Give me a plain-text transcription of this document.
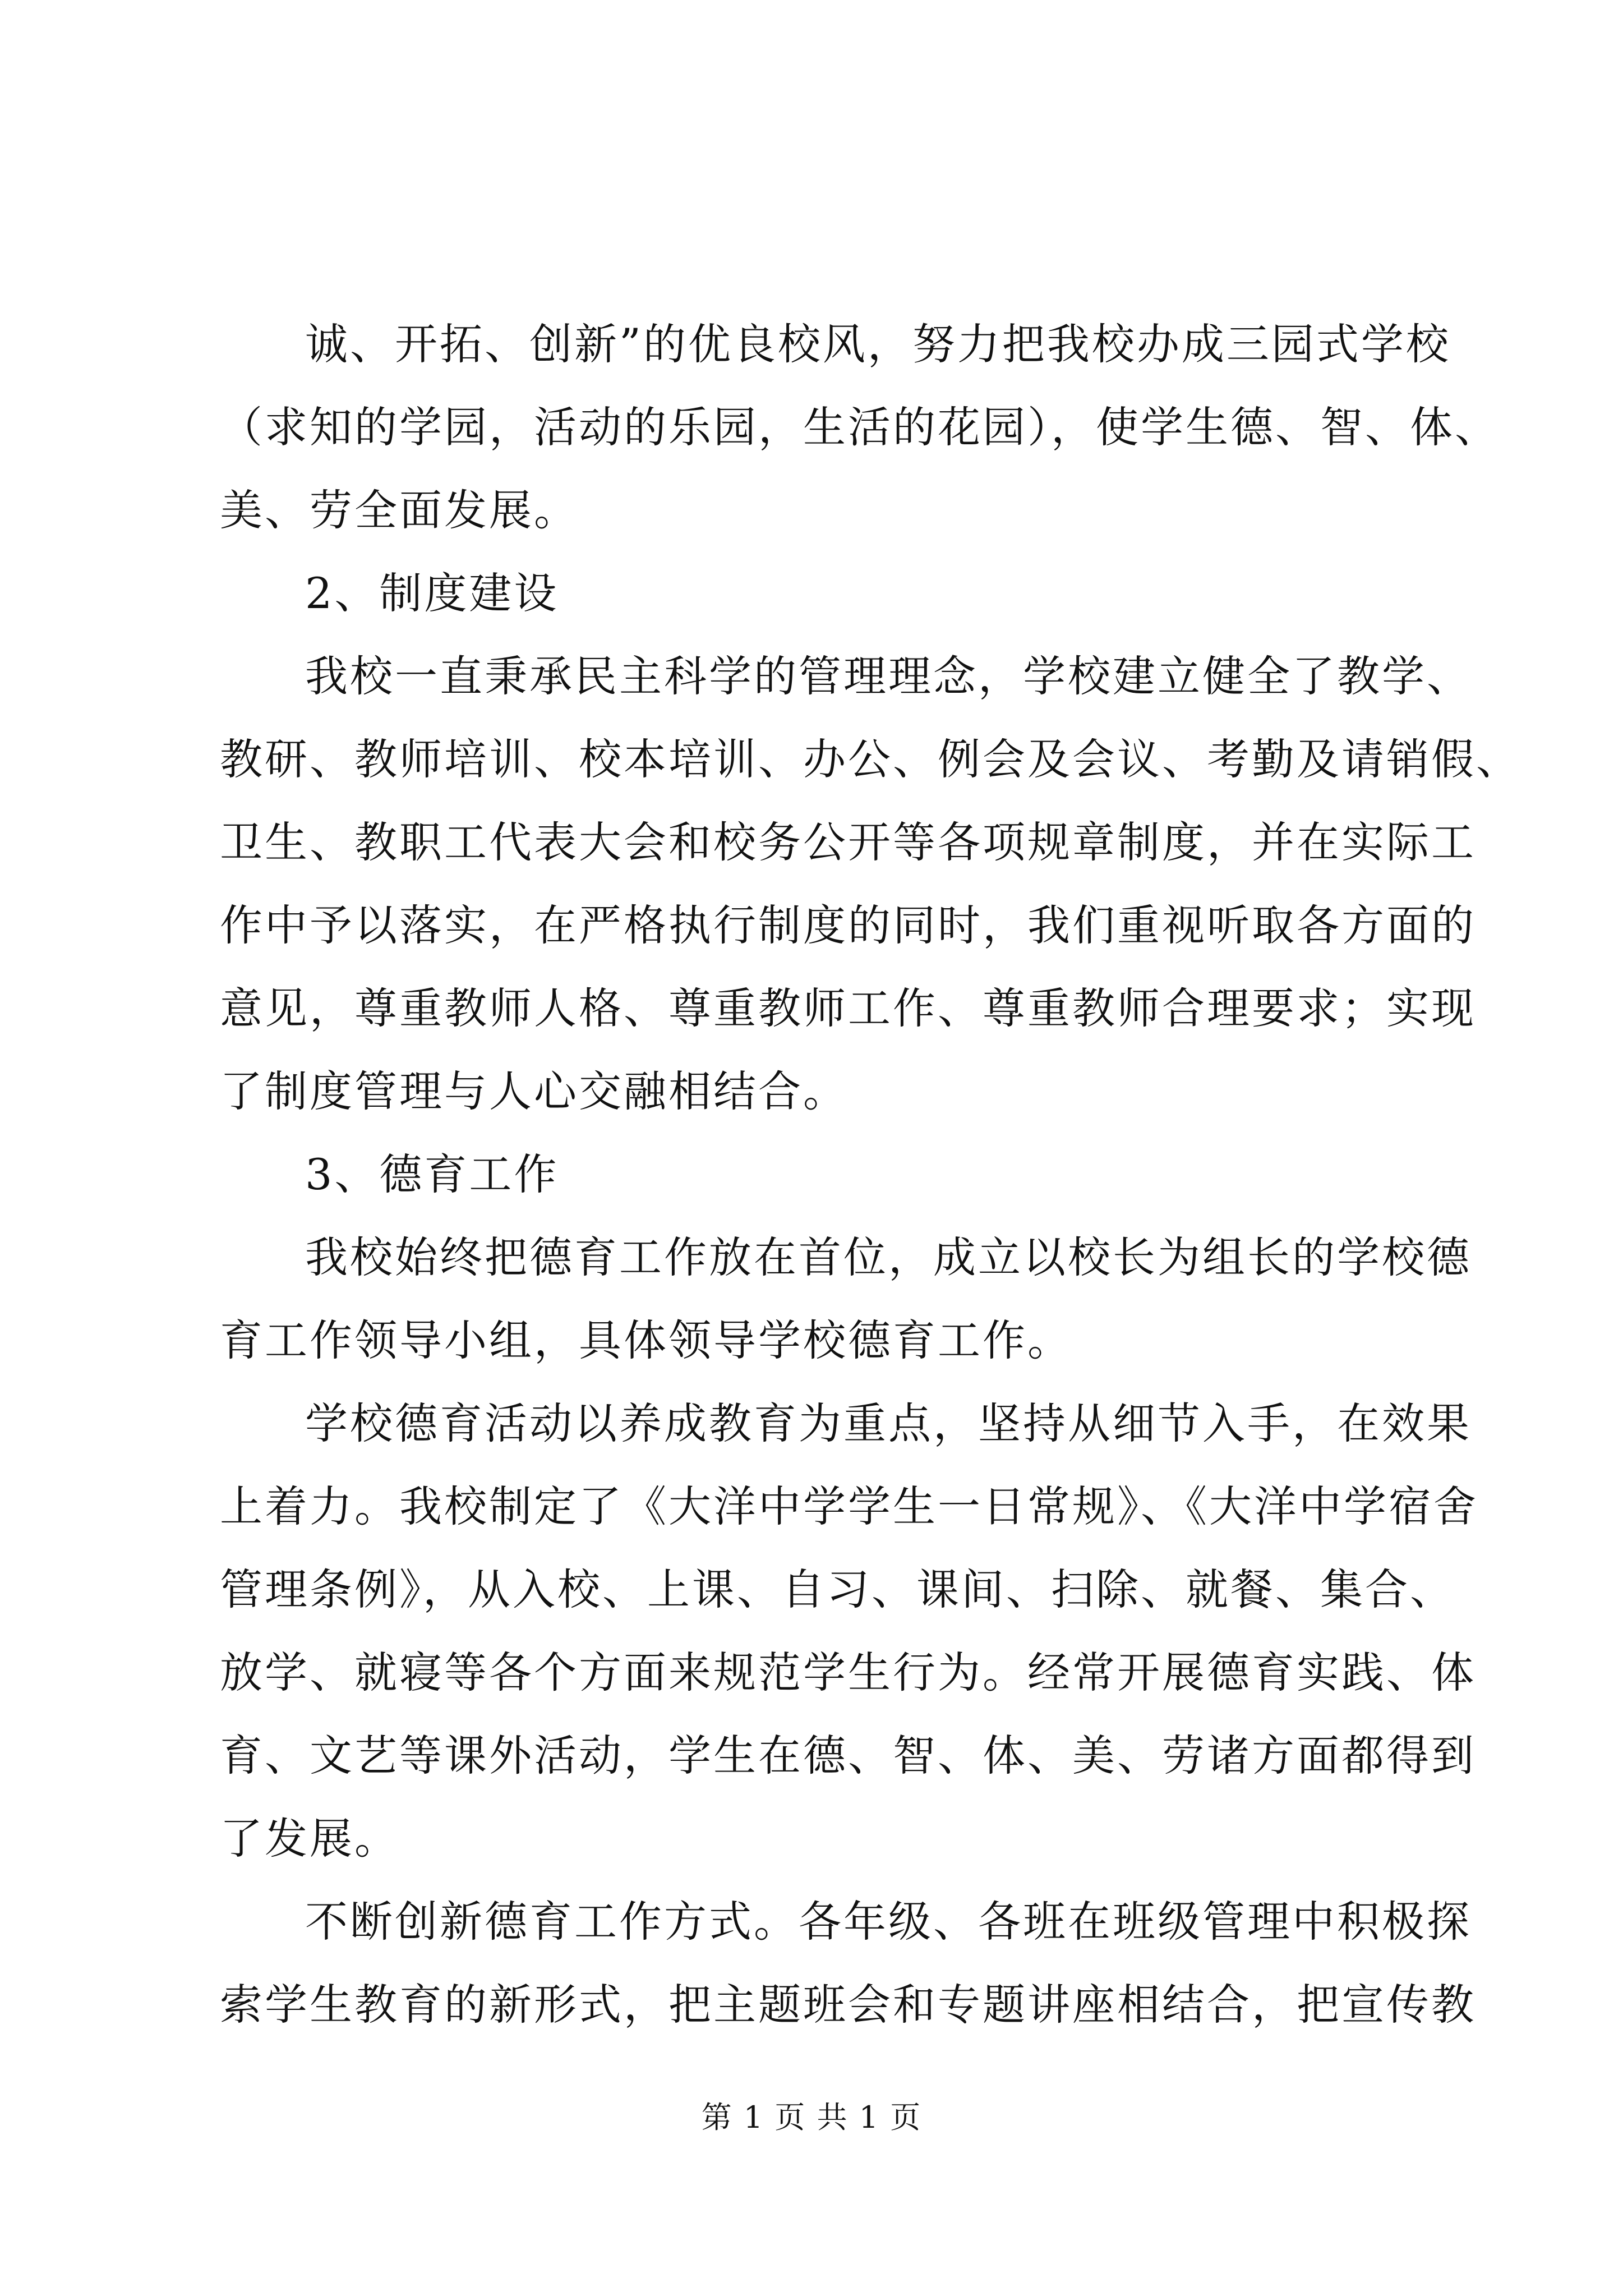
诚、开拓、创新”的优良校风，努力把我校办成三园式学校
（求知的学园，活动的乐园，生活的花园），使学生德、智、体、
美、劳全面发展。
2、制度建设
我校一直秉承民主科学的管理理念，学校建立健全了教学、
教研、教师培训、校本培训、办公、例会及会议、考勤及请销假、
卫生、教职工代表大会和校务公开等各项规章制度，并在实际工
作中予以落实，在严格执行制度的同时，我们重视听取各方面的
意见，尊重教师人格、尊重教师工作、尊重教师合理要求；实现
了制度管理与人心交融相结合。
3、德育工作
我校始终把德育工作放在首位，成立以校长为组长的学校德
育工作领导小组，具体领导学校德育工作。
学校德育活动以养成教育为重点，坚持从细节入手，在效果
上着力。我校制定了《大洋中学学生一日常规》、《大洋中学宿舍
管理条例》，从入校、上课、自习、课间、扫除、就餐、集合、
放学、就寝等各个方面来规范学生行为。经常开展德育实践、体
育、文艺等课外活动，学生在德、智、体、美、劳诸方面都得到
了发展。
不断创新德育工作方式。各年级、各班在班级管理中积极探
索学生教育的新形式，把主题班会和专题讲座相结合，把宣传教
第 1 页 共 1 页
